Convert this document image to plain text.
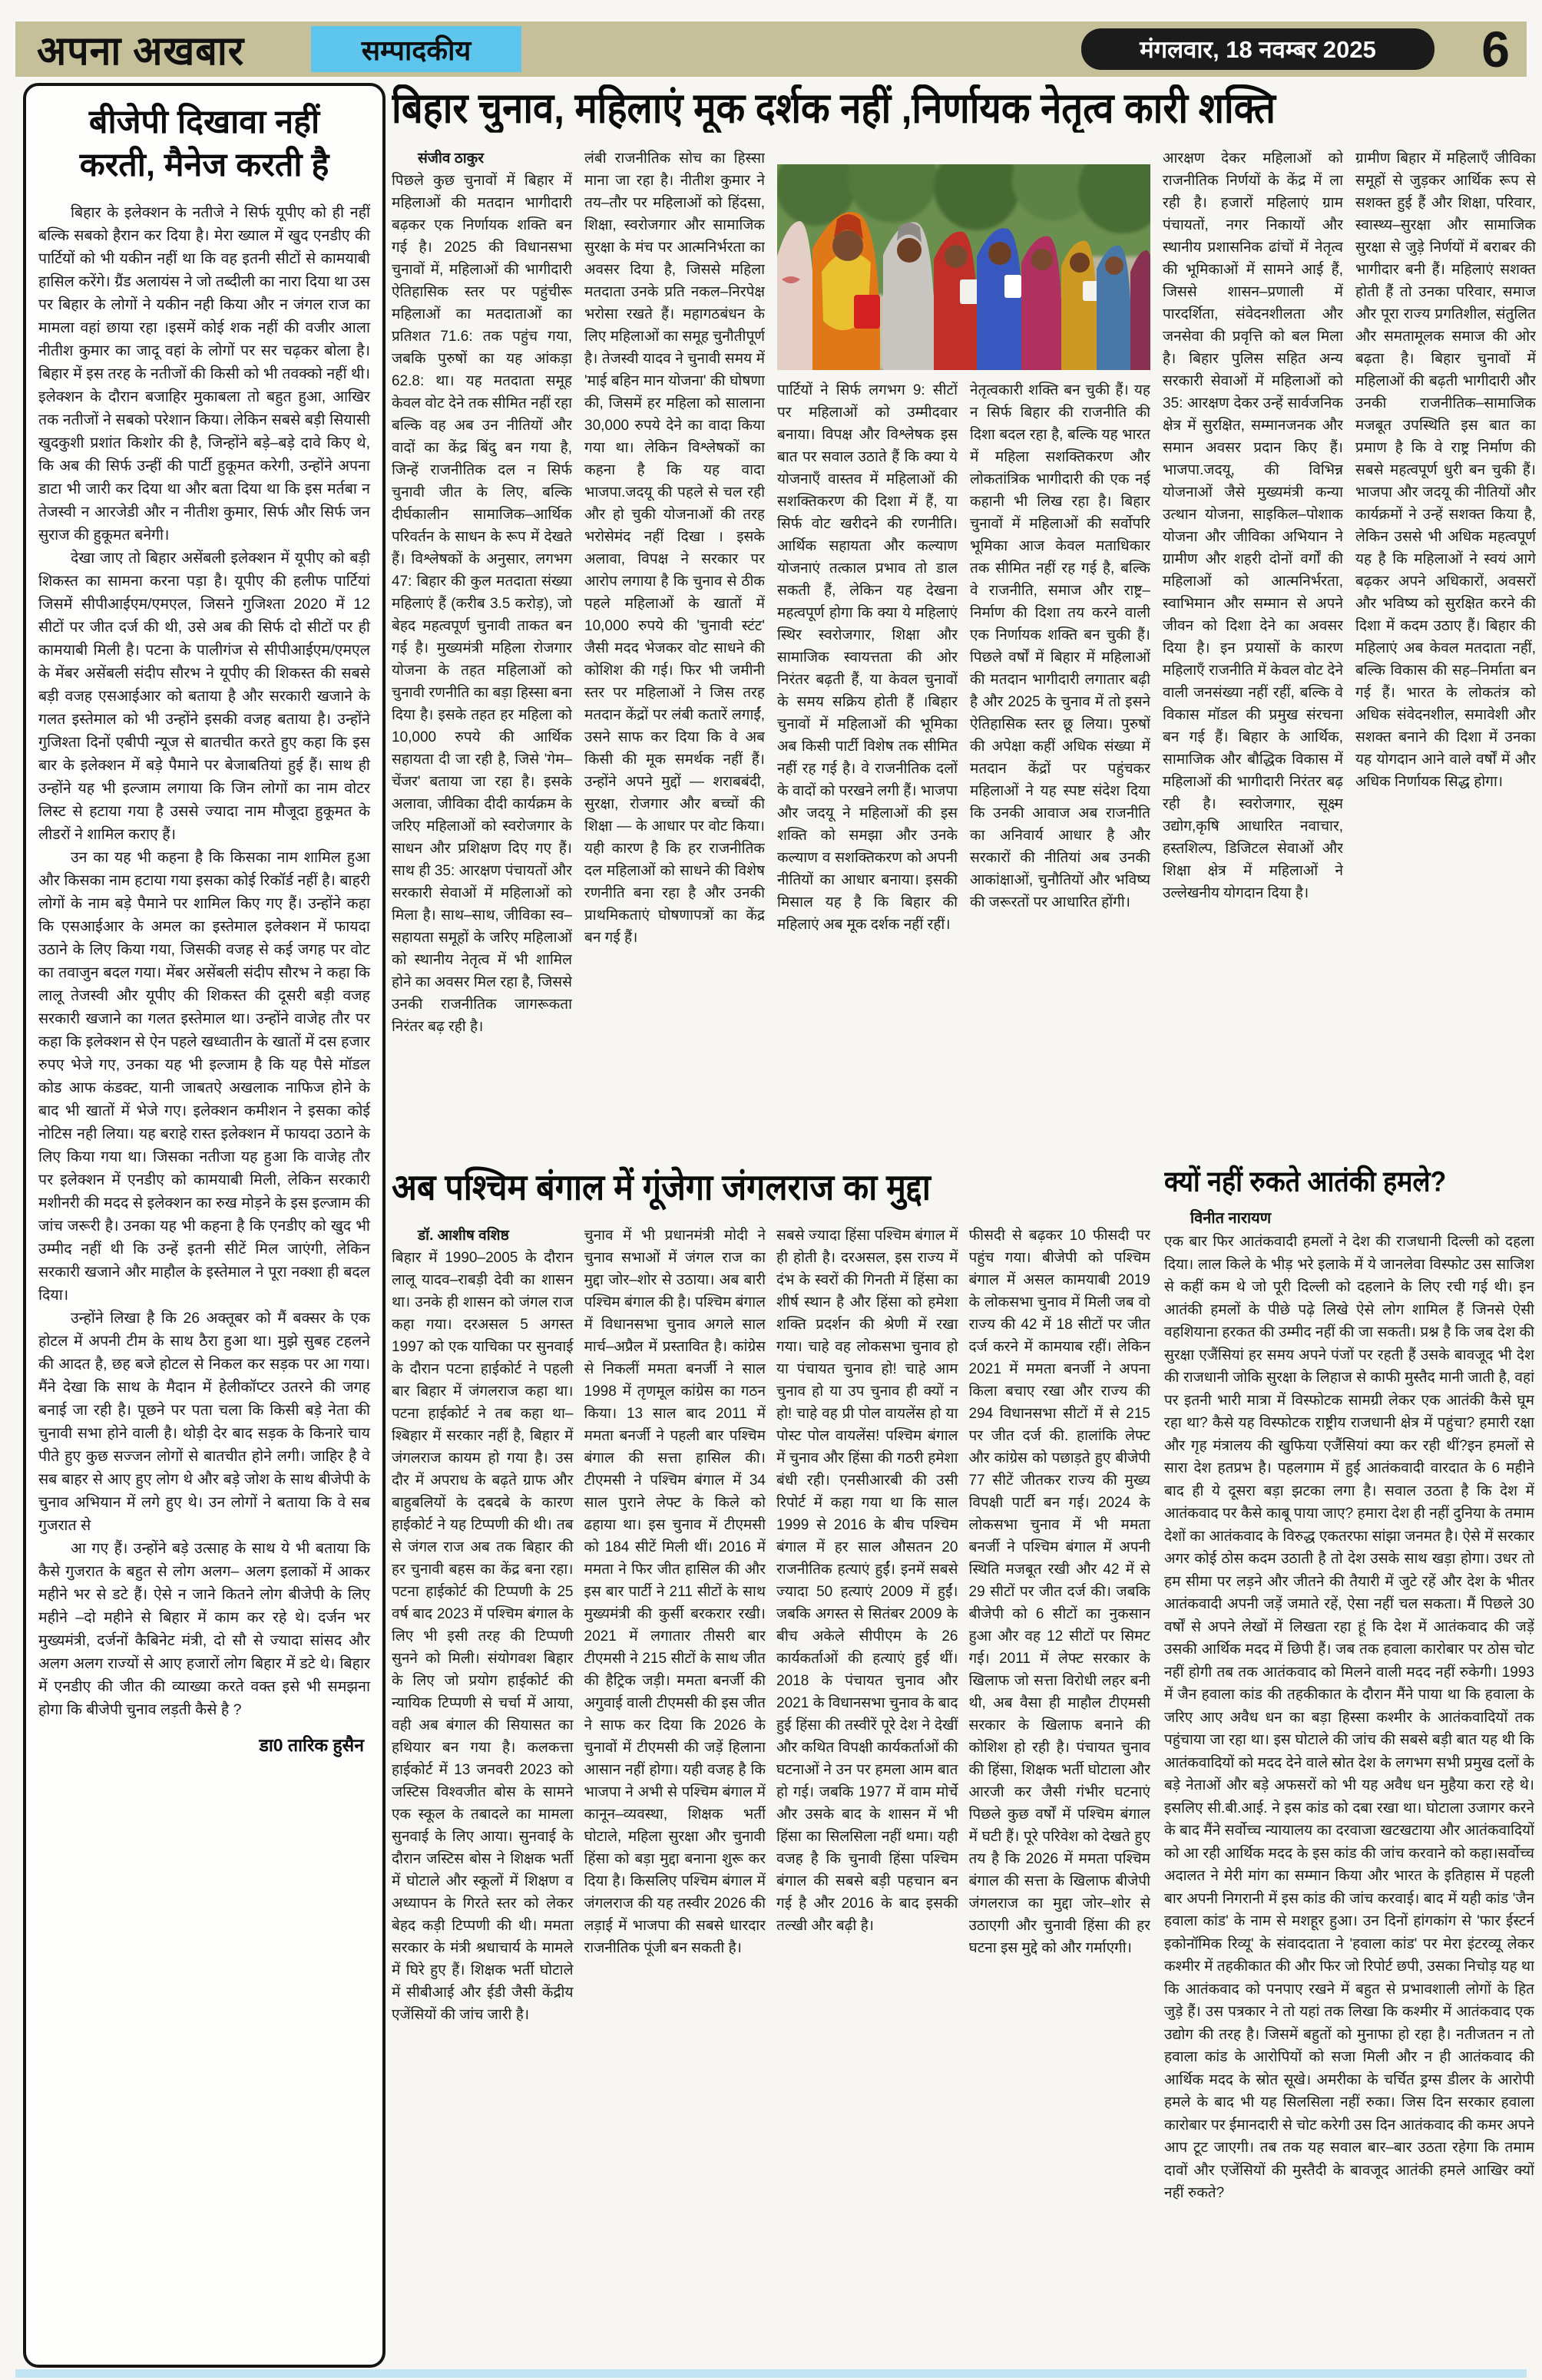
अपना अखबार	सम्पादकीय	मंगलवार, 18 नवम्बर 2025	6
बीजेपी दिखावा नहीं
करती, मैनेज करती है

बिहार के इलेक्शन के नतीजे ने सिर्फ यूपीए को ही नहीं बल्कि सबको हैरान कर दिया है। मेरा ख्याल में खुद एनडीए की पार्टियों को भी यकीन नहीं था कि वह इतनी सीटों से कामयाबी हासिल करेंगे। ग्रैंड अलायंस ने जो तब्दीली का नारा दिया था उस पर बिहार के लोगों ने यकीन नही किया और न जंगल राज का मामला वहां छाया रहा ।इसमें कोई शक नहीं की वजीर आला नीतीश कुमार का जादू वहां के लोगों पर सर चढ़कर बोला है। बिहार में इस तरह के नतीजों की किसी को भी तवक्को नहीं थी। इलेक्शन के दौरान बजाहिर मुकाबला तो बहुत हुआ, आखिर तक नतीजों ने सबको परेशान किया। लेकिन सबसे बड़ी सियासी खुदकुशी प्रशांत किशोर की है, जिन्होंने बड़े–बड़े दावे किए थे, कि अब की सिर्फ उन्हीं की पार्टी हुकूमत करेगी, उन्होंने अपना डाटा भी जारी कर दिया था और बता दिया था कि इस मर्तबा न तेजस्वी न आरजेडी और न नीतीश कुमार, सिर्फ और सिर्फ जन सुराज की हुकूमत बनेगी।

देखा जाए तो बिहार असेंबली इलेक्शन में यूपीए को बड़ी शिकस्त का सामना करना पड़ा है। यूपीए की हलीफ पार्टियां जिसमें सीपीआईएम/एमएल, जिसने गुजिश्ता 2020 में 12 सीटों पर जीत दर्ज की थी, उसे अब की सिर्फ दो सीटों पर ही कामयाबी मिली है। पटना के पालीगंज से सीपीआईएम/एमएल के मेंबर असेंबली संदीप सौरभ ने यूपीए की शिकस्त की सबसे बड़ी वजह एसआईआर को बताया है और सरकारी खजाने के गलत इस्तेमाल को भी उन्होंने इसकी वजह बताया है। उन्होंने गुजिश्ता दिनों एबीपी न्यूज से बातचीत करते हुए कहा कि इस बार के इलेक्शन में बड़े पैमाने पर बेजाबतियां हुई हैं। साथ ही उन्होंने यह भी इल्जाम लगाया कि जिन लोगों का नाम वोटर लिस्ट से हटाया गया है उससे ज्यादा नाम मौजूदा हुकूमत के लीडरों ने शामिल कराए हैं।

उन का यह भी कहना है कि किसका नाम शामिल हुआ और किसका नाम हटाया गया इसका कोई रिकॉर्ड नहीं है। बाहरी लोगों के नाम बड़े पैमाने पर शामिल किए गए हैं। उन्होंने कहा कि एसआईआर के अमल का इस्तेमाल इलेक्शन में फायदा उठाने के लिए किया गया, जिसकी वजह से कई जगह पर वोट का तवाजुन बदल गया। मेंबर असेंबली संदीप सौरभ ने कहा कि लालू तेजस्वी और यूपीए की शिकस्त की दूसरी बड़ी वजह सरकारी खजाने का गलत इस्तेमाल था। उन्होंने वाजेह तौर पर कहा कि इलेक्शन से ऐन पहले खध्वातीन के खातों में दस हजार रुपए भेजे गए, उनका यह भी इल्जाम है कि यह पैसे मॉडल कोड आफ कंडक्ट, यानी जाबतऐ अखलाक नाफिज होने के बाद भी खातों में भेजे गए। इलेक्शन कमीशन ने इसका कोई नोटिस नही लिया। यह बराहे रास्त इलेक्शन में फायदा उठाने के लिए किया गया था। जिसका नतीजा यह हुआ कि वाजेह तौर पर इलेक्शन में एनडीए को कामयाबी मिली, लेकिन सरकारी मशीनरी की मदद से इलेक्शन का रुख मोड़ने के इस इल्जाम की जांच जरूरी है। उनका यह भी कहना है कि एनडीए को खुद भी उम्मीद नहीं थी कि उन्हें इतनी सीटें मिल जाएंगी, लेकिन सरकारी खजाने और माहौल के इस्तेमाल ने पूरा नक्शा ही बदल दिया।

उन्होंने लिखा है कि 26 अक्तूबर को मैं बक्सर के एक होटल में अपनी टीम के साथ ठैरा हुआ था। मुझे सुबह टहलने की आदत है, छह बजे होटल से निकल कर सड़क पर आ गया। मैंने देखा कि साथ के मैदान में हेलीकॉप्टर उतरने की जगह बनाई जा रही है। पूछने पर पता चला कि किसी बड़े नेता की चुनावी सभा होने वाली है। थोड़ी देर बाद सड़क के किनारे चाय पीते हुए कुछ सज्जन लोगों से बातचीत होने लगी। जाहिर है वे सब बाहर से आए हुए लोग थे और बड़े जोश के साथ बीजेपी के चुनाव अभियान में लगे हुए थे। उन लोगों ने बताया कि वे सब गुजरात से

आ गए हैं। उन्होंने बड़े उत्साह के साथ ये भी बताया कि कैसे गुजरात के बहुत से लोग अलग– अलग इलाकों में आकर महीने भर से डटे हैं। ऐसे न जाने कितने लोग बीजेपी के लिए महीने –दो महीने से बिहार में काम कर रहे थे। दर्जन भर मुख्यमंत्री, दर्जनों कैबिनेट मंत्री, दो सौ से ज्यादा सांसद और अलग अलग राज्यों से आए हजारों लोग बिहार में डटे थे। बिहार में एनडीए की जीत की व्याख्या करते वक्त इसे भी समझना होगा कि बीजेपी चुनाव लड़ती कैसे है ?

डा0 तारिक हुसैन
बिहार चुनाव, महिलाएं मूक दर्शक नहीं ,निर्णायक नेतृत्व कारी शक्ति
संजीव ठाकुर
पिछले कुछ चुनावों में बिहार में महिलाओं की मतदान भागीदारी बढ़कर एक निर्णायक शक्ति बन गई है। 2025 की विधानसभा चुनावों में, महिलाओं की भागीदारी ऐतिहासिक स्तर पर पहुंचीरू महिलाओं का मतदाताओं का प्रतिशत 71.6: तक पहुंच गया, जबकि पुरुषों का यह आंकड़ा 62.8: था। यह मतदाता समूह केवल वोट देने तक सीमित नहीं रहा बल्कि वह अब उन नीतियों और वादों का केंद्र बिंदु बन गया है, जिन्हें राजनीतिक दल न सिर्फ चुनावी जीत के लिए, बल्कि दीर्घकालीन सामाजिक–आर्थिक परिवर्तन के साधन के रूप में देखते हैं। विश्लेषकों के अनुसार, लगभग 47: बिहार की कुल मतदाता संख्या महिलाएं हैं (करीब 3.5 करोड़), जो बेहद महत्वपूर्ण चुनावी ताकत बन गई है। मुख्यमंत्री महिला रोजगार योजना के तहत महिलाओं को चुनावी रणनीति का बड़ा हिस्सा बना दिया है। इसके तहत हर महिला को 10,000 रुपये की आर्थिक सहायता दी जा रही है, जिसे 'गेम–चेंजर' बताया जा रहा है। इसके अलावा, जीविका दीदी कार्यक्रम के जरिए महिलाओं को स्वरोजगार के साधन और प्रशिक्षण दिए गए हैं। साथ ही 35: आरक्षण पंचायतों और सरकारी सेवाओं में महिलाओं को मिला है। साथ–साथ, जीविका स्व–सहायता समूहों के जरिए महिलाओं को स्थानीय नेतृत्व में भी शामिल होने का अवसर मिल रहा है, जिससे उनकी राजनीतिक जागरूकता निरंतर बढ़ रही है।
लंबी राजनीतिक सोच का हिस्सा माना जा रहा है। नीतीश कुमार ने तय–तौर पर महिलाओं को हिंदसा, शिक्षा, स्वरोजगार और सामाजिक सुरक्षा के मंच पर आत्मनिर्भरता का अवसर दिया है, जिससे महिला मतदाता उनके प्रति नकल–निरपेक्ष भरोसा रखते हैं। महागठबंधन के लिए महिलाओं का समूह चुनौतीपूर्ण है। तेजस्वी यादव ने चुनावी समय में 'माई बहिन मान योजना' की घोषणा की, जिसमें हर महिला को सालाना 30,000 रुपये देने का वादा किया गया था। लेकिन विश्लेषकों का कहना है कि यह वादा भाजपा.जदयू की पहले से चल रही और हो चुकी योजनाओं की तरह भरोसेमंद नहीं दिखा । इसके अलावा, विपक्ष ने सरकार पर आरोप लगाया है कि चुनाव से ठीक पहले महिलाओं के खातों में 10,000 रुपये की 'चुनावी स्टंट' जैसी मदद भेजकर वोट साधने की कोशिश की गई। फिर भी जमीनी स्तर पर महिलाओं ने जिस तरह मतदान केंद्रों पर लंबी कतारें लगाईं, उसने साफ कर दिया कि वे अब किसी की मूक समर्थक नहीं हैं। उन्होंने अपने मुद्दों — शराबबंदी, सुरक्षा, रोजगार और बच्चों की शिक्षा — के आधार पर वोट किया। यही कारण है कि हर राजनीतिक दल महिलाओं को साधने की विशेष रणनीति बना रहा है और उनकी प्राथमिकताएं घोषणापत्रों का केंद्र बन गई हैं।
पार्टियों ने सिर्फ लगभग 9: सीटों पर महिलाओं को उम्मीदवार बनाया। विपक्ष और विश्लेषक इस बात पर सवाल उठाते हैं कि क्या ये योजनाएँ वास्तव में महिलाओं की सशक्तिकरण की दिशा में हैं, या सिर्फ वोट खरीदने की रणनीति। आर्थिक सहायता और कल्याण योजनाएं तत्काल प्रभाव तो डाल सकती हैं, लेकिन यह देखना महत्वपूर्ण होगा कि क्या ये महिलाएं स्थिर स्वरोजगार, शिक्षा और सामाजिक स्वायत्तता की ओर निरंतर बढ़ती हैं, या केवल चुनावों के समय सक्रिय होती हैं ।बिहार चुनावों में महिलाओं की भूमिका अब किसी पार्टी विशेष तक सीमित नहीं रह गई है। वे राजनीतिक दलों के वादों को परखने लगी हैं। भाजपा और जदयू ने महिलाओं की इस शक्ति को समझा और उनके कल्याण व सशक्तिकरण को अपनी नीतियों का आधार बनाया। इसकी मिसाल यह है कि बिहार की महिलाएं अब मूक दर्शक नहीं रहीं।
नेतृत्वकारी शक्ति बन चुकी हैं। यह न सिर्फ बिहार की राजनीति की दिशा बदल रहा है, बल्कि यह भारत में महिला सशक्तिकरण और लोकतांत्रिक भागीदारी की एक नई कहानी भी लिख रहा है। बिहार चुनावों में महिलाओं की सर्वोपरि भूमिका आज केवल मताधिकार तक सीमित नहीं रह गई है, बल्कि वे राजनीति, समाज और राष्ट्र–निर्माण की दिशा तय करने वाली एक निर्णायक शक्ति बन चुकी हैं। पिछले वर्षों में बिहार में महिलाओं की मतदान भागीदारी लगातार बढ़ी है और 2025 के चुनाव में तो इसने ऐतिहासिक स्तर छू लिया। पुरुषों की अपेक्षा कहीं अधिक संख्या में मतदान केंद्रों पर पहुंचकर महिलाओं ने यह स्पष्ट संदेश दिया कि उनकी आवाज अब राजनीति का अनिवार्य आधार है और सरकारों की नीतियां अब उनकी आकांक्षाओं, चुनौतियों और भविष्य की जरूरतों पर आधारित होंगी।
आरक्षण देकर महिलाओं को राजनीतिक निर्णयों के केंद्र में ला रही है। हजारों महिलाएं ग्राम पंचायतों, नगर निकायों और स्थानीय प्रशासनिक ढांचों में नेतृत्व की भूमिकाओं में सामने आई हैं, जिससे शासन–प्रणाली में पारदर्शिता, संवेदनशीलता और जनसेवा की प्रवृत्ति को बल मिला है। बिहार पुलिस सहित अन्य सरकारी सेवाओं में महिलाओं को 35: आरक्षण देकर उन्हें सार्वजनिक क्षेत्र में सुरक्षित, सम्मानजनक और समान अवसर प्रदान किए हैं। भाजपा.जदयू, की विभिन्न योजनाओं जैसे मुख्यमंत्री कन्या उत्थान योजना, साइकिल–पोशाक योजना और जीविका अभियान ने ग्रामीण और शहरी दोनों वर्गों की महिलाओं को आत्मनिर्भरता, स्वाभिमान और सम्मान से अपने जीवन को दिशा देने का अवसर दिया है। इन प्रयासों के कारण महिलाएँ राजनीति में केवल वोट देने वाली जनसंख्या नहीं रहीं, बल्कि वे विकास मॉडल की प्रमुख संरचना बन गई हैं। बिहार के आर्थिक, सामाजिक और बौद्धिक विकास में महिलाओं की भागीदारी निरंतर बढ़ रही है। स्वरोजगार, सूक्ष्म उद्योग,कृषि आधारित नवाचार, हस्तशिल्प, डिजिटल सेवाओं और शिक्षा क्षेत्र में महिलाओं ने उल्लेखनीय योगदान दिया है।
ग्रामीण बिहार में महिलाएँ जीविका समूहों से जुड़कर आर्थिक रूप से सशक्त हुई हैं और शिक्षा, परिवार, स्वास्थ्य–सुरक्षा और सामाजिक सुरक्षा से जुड़े निर्णयों में बराबर की भागीदार बनी हैं। महिलाएं सशक्त होती हैं तो उनका परिवार, समाज और पूरा राज्य प्रगतिशील, संतुलित और समतामूलक समाज की ओर बढ़ता है। बिहार चुनावों में महिलाओं की बढ़ती भागीदारी और उनकी राजनीतिक–सामाजिक मजबूत उपस्थिति इस बात का प्रमाण है कि वे राष्ट्र निर्माण की सबसे महत्वपूर्ण धुरी बन चुकी हैं। भाजपा और जदयू की नीतियों और कार्यक्रमों ने उन्हें सशक्त किया है, लेकिन उससे भी अधिक महत्वपूर्ण यह है कि महिलाओं ने स्वयं आगे बढ़कर अपने अधिकारों, अवसरों और भविष्य को सुरक्षित करने की दिशा में कदम उठाए हैं। बिहार की महिलाएं अब केवल मतदाता नहीं, बल्कि विकास की सह–निर्माता बन गई हैं। भारत के लोकतंत्र को अधिक संवेदनशील, समावेशी और सशक्त बनाने की दिशा में उनका यह योगदान आने वाले वर्षों में और अधिक निर्णायक सिद्ध होगा।
अब पश्चिम बंगाल में गूंजेगा जंगलराज का मुद्दा
डॉ. आशीष वशिष्ठ
बिहार में 1990–2005 के दौरान लालू यादव–राबड़ी देवी का शासन था। उनके ही शासन को जंगल राज कहा गया। दरअसल 5 अगस्त 1997 को एक याचिका पर सुनवाई के दौरान पटना हाईकोर्ट ने पहली बार बिहार में जंगलराज कहा था। पटना हाईकोर्ट ने तब कहा था– श्बिहार में सरकार नहीं है, बिहार में जंगलराज कायम हो गया है। उस दौर में अपराध के बढ़ते ग्राफ और बाहुबलियों के दबदबे के कारण हाईकोर्ट ने यह टिप्पणी की थी। तब से जंगल राज अब तक बिहार की हर चुनावी बहस का केंद्र बना रहा। पटना हाईकोर्ट की टिप्पणी के 25 वर्ष बाद 2023 में पश्चिम बंगाल के लिए भी इसी तरह की टिप्पणी सुनने को मिली। संयोगवश बिहार के लिए जो प्रयोग हाईकोर्ट की न्यायिक टिप्पणी से चर्चा में आया, वही अब बंगाल की सियासत का हथियार बन गया है। कलकत्ता हाईकोर्ट में 13 जनवरी 2023 को जस्टिस विश्वजीत बोस के सामने एक स्कूल के तबादले का मामला सुनवाई के लिए आया। सुनवाई के दौरान जस्टिस बोस ने शिक्षक भर्ती में घोटाले और स्कूलों में शिक्षण व अध्यापन के गिरते स्तर को लेकर बेहद कड़ी टिप्पणी की थी। ममता सरकार के मंत्री श्रधाचार्य के मामले में घिरे हुए हैं। शिक्षक भर्ती घोटाले में सीबीआई और ईडी जैसी केंद्रीय एजेंसियों की जांच जारी है।
चुनाव में भी प्रधानमंत्री मोदी ने चुनाव सभाओं में जंगल राज का मुद्दा जोर–शोर से उठाया। अब बारी पश्चिम बंगाल की है। पश्चिम बंगाल में विधानसभा चुनाव अगले साल मार्च–अप्रैल में प्रस्तावित है। कांग्रेस से निकलीं ममता बनर्जी ने साल 1998 में तृणमूल कांग्रेस का गठन किया। 13 साल बाद 2011 में ममता बनर्जी ने पहली बार पश्चिम बंगाल की सत्ता हासिल की। टीएमसी ने पश्चिम बंगाल में 34 साल पुराने लेफ्ट के किले को ढहाया था। इस चुनाव में टीएमसी को 184 सीटें मिली थीं। 2016 में ममता ने फिर जीत हासिल की और इस बार पार्टी ने 211 सीटों के साथ मुख्यमंत्री की कुर्सी बरकरार रखी। 2021 में लगातार तीसरी बार टीएमसी ने 215 सीटों के साथ जीत की हैट्रिक जड़ी। ममता बनर्जी की अगुवाई वाली टीएमसी की इस जीत ने साफ कर दिया कि 2026 के चुनावों में टीएमसी की जड़ें हिलाना आसान नहीं होगा। यही वजह है कि भाजपा ने अभी से पश्चिम बंगाल में कानून–व्यवस्था, शिक्षक भर्ती घोटाले, महिला सुरक्षा और चुनावी हिंसा को बड़ा मुद्दा बनाना शुरू कर दिया है। किसलिए पश्चिम बंगाल में जंगलराज की यह तस्वीर 2026 की लड़ाई में भाजपा की सबसे धारदार राजनीतिक पूंजी बन सकती है।
सबसे ज्यादा हिंसा पश्चिम बंगाल में ही होती है। दरअसल, इस राज्य में दंभ के स्वरों की गिनती में हिंसा का शीर्ष स्थान है और हिंसा को हमेशा शक्ति प्रदर्शन की श्रेणी में रखा गया। चाहे वह लोकसभा चुनाव हो या पंचायत चुनाव हो! चाहे आम चुनाव हो या उप चुनाव ही क्यों न हो! चाहे वह प्री पोल वायलेंस हो या पोस्ट पोल वायलेंस! पश्चिम बंगाल में चुनाव और हिंसा की गठरी हमेशा बंधी रही। एनसीआरबी की उसी रिपोर्ट में कहा गया था कि साल 1999 से 2016 के बीच पश्चिम बंगाल में हर साल औसतन 20 राजनीतिक हत्याएं हुईं। इनमें सबसे ज्यादा 50 हत्याएं 2009 में हुईं। जबकि अगस्त से सितंबर 2009 के बीच अकेले सीपीएम के 26 कार्यकर्ताओं की हत्याएं हुई थीं। 2018 के पंचायत चुनाव और 2021 के विधानसभा चुनाव के बाद हुई हिंसा की तस्वीरें पूरे देश ने देखीं और कथित विपक्षी कार्यकर्ताओं की घटनाओं ने उन पर हमला आम बात हो गई। जबकि 1977 में वाम मोर्चे और उसके बाद के शासन में भी हिंसा का सिलसिला नहीं थमा। यही वजह है कि चुनावी हिंसा पश्चिम बंगाल की सबसे बड़ी पहचान बन गई है और 2016 के बाद इसकी तल्खी और बढ़ी है।
फीसदी से बढ़कर 10 फीसदी पर पहुंच गया। बीजेपी को पश्चिम बंगाल में असल कामयाबी 2019 के लोकसभा चुनाव में मिली जब वो राज्य की 42 में 18 सीटों पर जीत दर्ज करने में कामयाब रहीं। लेकिन 2021 में ममता बनर्जी ने अपना किला बचाए रखा और राज्य की 294 विधानसभा सीटों में से 215 पर जीत दर्ज की. हालांकि लेफ्ट और कांग्रेस को पछाड़ते हुए बीजेपी 77 सीटें जीतकर राज्य की मुख्य विपक्षी पार्टी बन गई। 2024 के लोकसभा चुनाव में भी ममता बनर्जी ने पश्चिम बंगाल में अपनी स्थिति मजबूत रखी और 42 में से 29 सीटों पर जीत दर्ज की। जबकि बीजेपी को 6 सीटों का नुकसान हुआ और वह 12 सीटों पर सिमट गई। 2011 में लेफ्ट सरकार के खिलाफ जो सत्ता विरोधी लहर बनी थी, अब वैसा ही माहौल टीएमसी सरकार के खिलाफ बनाने की कोशिश हो रही है। पंचायत चुनाव की हिंसा, शिक्षक भर्ती घोटाला और आरजी कर जैसी गंभीर घटनाएं पिछले कुछ वर्षों में पश्चिम बंगाल में घटी हैं। पूरे परिवेश को देखते हुए तय है कि 2026 में ममता पश्चिम बंगाल की सत्ता के खिलाफ बीजेपी जंगलराज का मुद्दा जोर–शोर से उठाएगी और चुनावी हिंसा की हर घटना इस मुद्दे को और गर्माएगी।
क्यों नहीं रुकते आतंकी हमले?
विनीत नारायण
एक बार फिर आतंकवादी हमलों ने देश की राजधानी दिल्ली को दहला दिया। लाल किले के भीड़ भरे इलाके में ये जानलेवा विस्फोट उस साजिश से कहीं कम थे जो पूरी दिल्ली को दहलाने के लिए रची गई थी। इन आतंकी हमलों के पीछे पढ़े लिखे ऐसे लोग शामिल हैं जिनसे ऐसी वहशियाना हरकत की उम्मीद नहीं की जा सकती। प्रश्न है कि जब देश की सुरक्षा एजैंसियां हर समय अपने पंजों पर रहती हैं उसके बावजूद भी देश की राजधानी जोकि सुरक्षा के लिहाज से काफी मुस्तैद मानी जाती है, वहां पर इतनी भारी मात्रा में विस्फोटक सामग्री लेकर एक आतंकी कैसे घूम रहा था? कैसे यह विस्फोटक राष्ट्रीय राजधानी क्षेत्र में पहुंचा? हमारी रक्षा और गृह मंत्रालय की खुफिया एजैंसियां क्या कर रही थीं?इन हमलों से सारा देश हतप्रभ है। पहलगाम में हुई आतंकवादी वारदात के 6 महीने बाद ही ये दूसरा बड़ा झटका लगा है। सवाल उठता है कि देश में आतंकवाद पर कैसे काबू पाया जाए? हमारा देश ही नहीं दुनिया के तमाम देशों का आतंकवाद के विरुद्ध एकतरफा सांझा जनमत है। ऐसे में सरकार अगर कोई ठोस कदम उठाती है तो देश उसके साथ खड़ा होगा। उधर तो हम सीमा पर लड़ने और जीतने की तैयारी में जुटे रहें और देश के भीतर आतंकवादी अपनी जड़ें जमाते रहें, ऐसा नहीं चल सकता। मैं पिछले 30 वर्षों से अपने लेखों में लिखता रहा हूं कि देश में आतंकवाद की जड़ें उसकी आर्थिक मदद में छिपी हैं। जब तक हवाला कारोबार पर ठोस चोट नहीं होगी तब तक आतंकवाद को मिलने वाली मदद नहीं रुकेगी। 1993 में जैन हवाला कांड की तहकीकात के दौरान मैंने पाया था कि हवाला के जरिए आए अवैध धन का बड़ा हिस्सा कश्मीर के आतंकवादियों तक पहुंचाया जा रहा था। इस घोटाले की जांच की सबसे बड़ी बात यह थी कि आतंकवादियों को मदद देने वाले स्रोत देश के लगभग सभी प्रमुख दलों के बड़े नेताओं और बड़े अफसरों को भी यह अवैध धन मुहैया करा रहे थे। इसलिए सी.बी.आई. ने इस कांड को दबा रखा था। घोटाला उजागर करने के बाद मैंने सर्वोच्च न्यायालय का दरवाजा खटखटाया और आतंकवादियों को आ रही आर्थिक मदद के इस कांड की जांच करवाने को कहा।सर्वोच्च अदालत ने मेरी मांग का सम्मान किया और भारत के इतिहास में पहली बार अपनी निगरानी में इस कांड की जांच करवाई। बाद में यही कांड 'जैन हवाला कांड' के नाम से मशहूर हुआ। उन दिनों हांगकांग से 'फार ईस्टर्न इकोनॉमिक रिव्यू' के संवाददाता ने 'हवाला कांड' पर मेरा इंटरव्यू लेकर कश्मीर में तहकीकात की और फिर जो रिपोर्ट छपी, उसका निचोड़ यह था कि आतंकवाद को पनपाए रखने में बहुत से प्रभावशाली लोगों के हित जुड़े हैं। उस पत्रकार ने तो यहां तक लिखा कि कश्मीर में आतंकवाद एक उद्योग की तरह है। जिसमें बहुतों को मुनाफा हो रहा है। नतीजतन न तो हवाला कांड के आरोपियों को सजा मिली और न ही आतंकवाद की आर्थिक मदद के स्रोत सूखे। अमरीका के चर्चित ड्रग्स डीलर के आरोपी हमले के बाद भी यह सिलसिला नहीं रुका। जिस दिन सरकार हवाला कारोबार पर ईमानदारी से चोट करेगी उस दिन आतंकवाद की कमर अपने आप टूट जाएगी। तब तक यह सवाल बार–बार उठता रहेगा कि तमाम दावों और एजेंसियों की मुस्तैदी के बावजूद आतंकी हमले आखिर क्यों नहीं रुकते?
